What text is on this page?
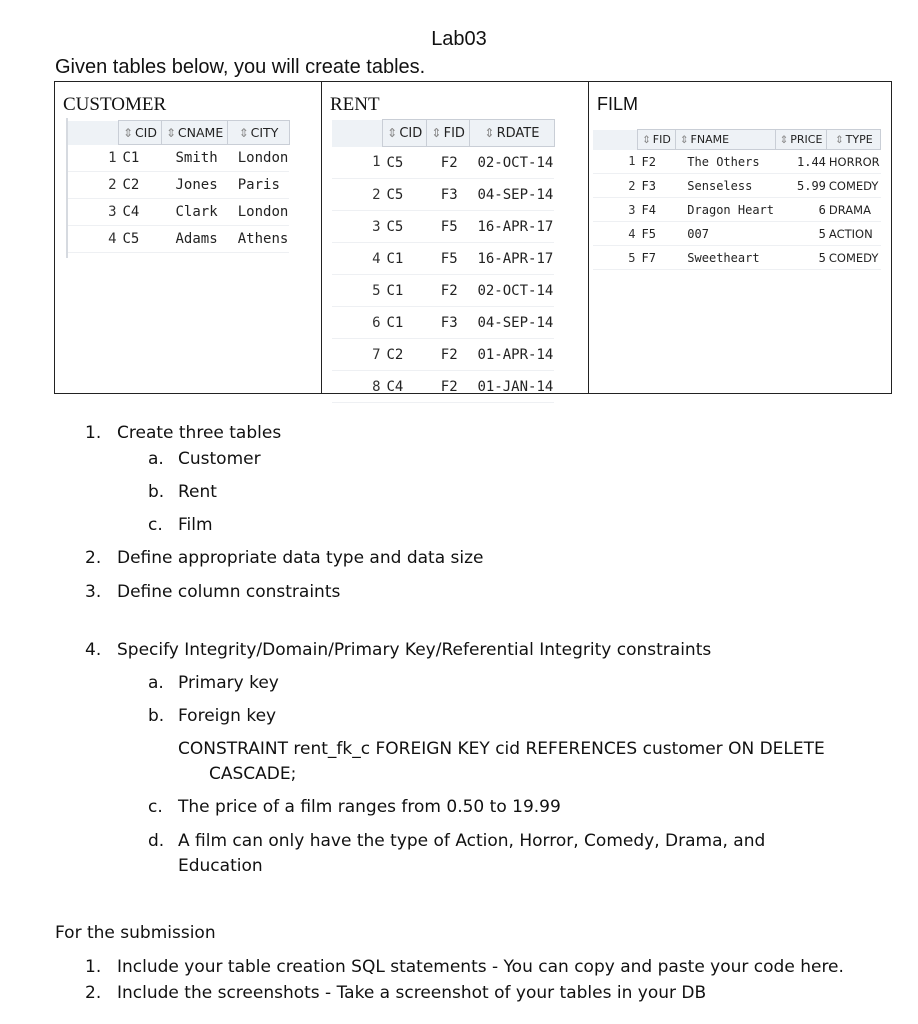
Lab03
Given tables below, you will create tables.
CUSTOMER
	⇕ CID	⇕ CNAME	⇕ CITY
1	C1	Smith	London
2	C2	Jones	Paris
3	C4	Clark	London
4	C5	Adams	Athens
RENT
	⇕ CID	⇕ FID	⇕ RDATE
1	C5	F2	02-OCT-14
2	C5	F3	04-SEP-14
3	C5	F5	16-APR-17
4	C1	F5	16-APR-17
5	C1	F2	02-OCT-14
6	C1	F3	04-SEP-14
7	C2	F2	01-APR-14
8	C4	F2	01-JAN-14
FILM
	⇕ FID	⇕ FNAME	⇕ PRICE	⇕ TYPE
1	F2	The Others	1.44	HORROR
2	F3	Senseless	5.99	COMEDY
3	F4	Dragon Heart	6	DRAMA
4	F5	007	5	ACTION
5	F7	Sweetheart	5	COMEDY
1. Create three tables
a. Customer
b. Rent
c. Film
2. Define appropriate data type and data size
3. Define column constraints
4. Specify Integrity/Domain/Primary Key/Referential Integrity constraints
a. Primary key
b. Foreign key
CONSTRAINT rent_fk_c FOREIGN KEY cid REFERENCES customer ON DELETE
CASCADE;
c. The price of a film ranges from 0.50 to 19.99
d. A film can only have the type of Action, Horror, Comedy, Drama, and
Education
For the submission
1. Include your table creation SQL statements - You can copy and paste your code here.
2. Include the screenshots - Take a screenshot of your tables in your DB
